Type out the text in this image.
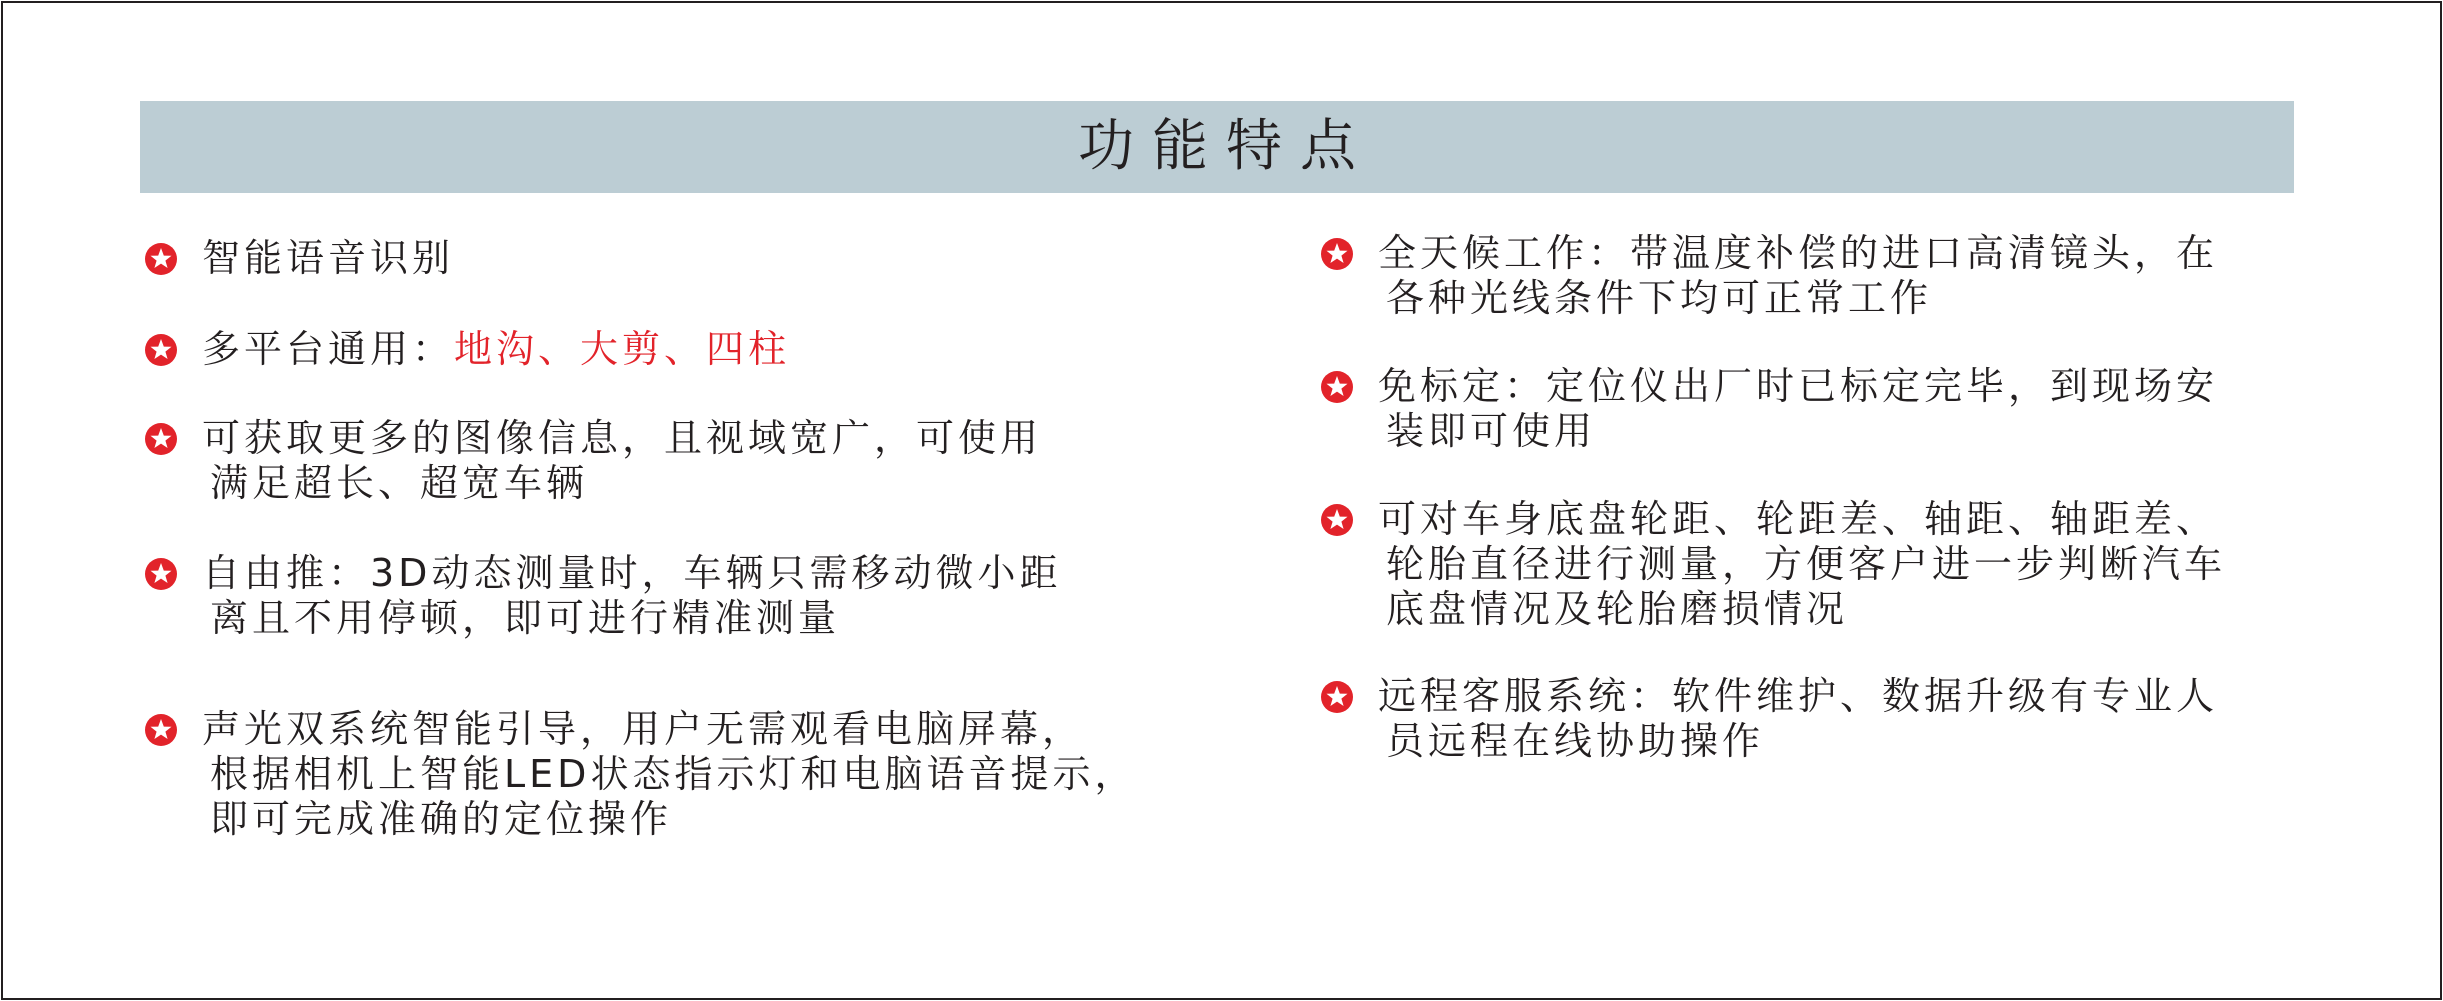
功能特点
智能语音识别
多平台通用：地沟、大剪、四柱
可获取更多的图像信息，且视域宽广，可使用
满足超长、超宽车辆
自由推：3D动态测量时，车辆只需移动微小距
离且不用停顿，即可进行精准测量
声光双系统智能引导，用户无需观看电脑屏幕，
根据相机上智能LED状态指示灯和电脑语音提示，
即可完成准确的定位操作
全天候工作：带温度补偿的进口高清镜头，在
各种光线条件下均可正常工作
免标定：定位仪出厂时已标定完毕，到现场安
装即可使用
可对车身底盘轮距、轮距差、轴距、轴距差、
轮胎直径进行测量，方便客户进一步判断汽车
底盘情况及轮胎磨损情况
远程客服系统：软件维护、数据升级有专业人
员远程在线协助操作
